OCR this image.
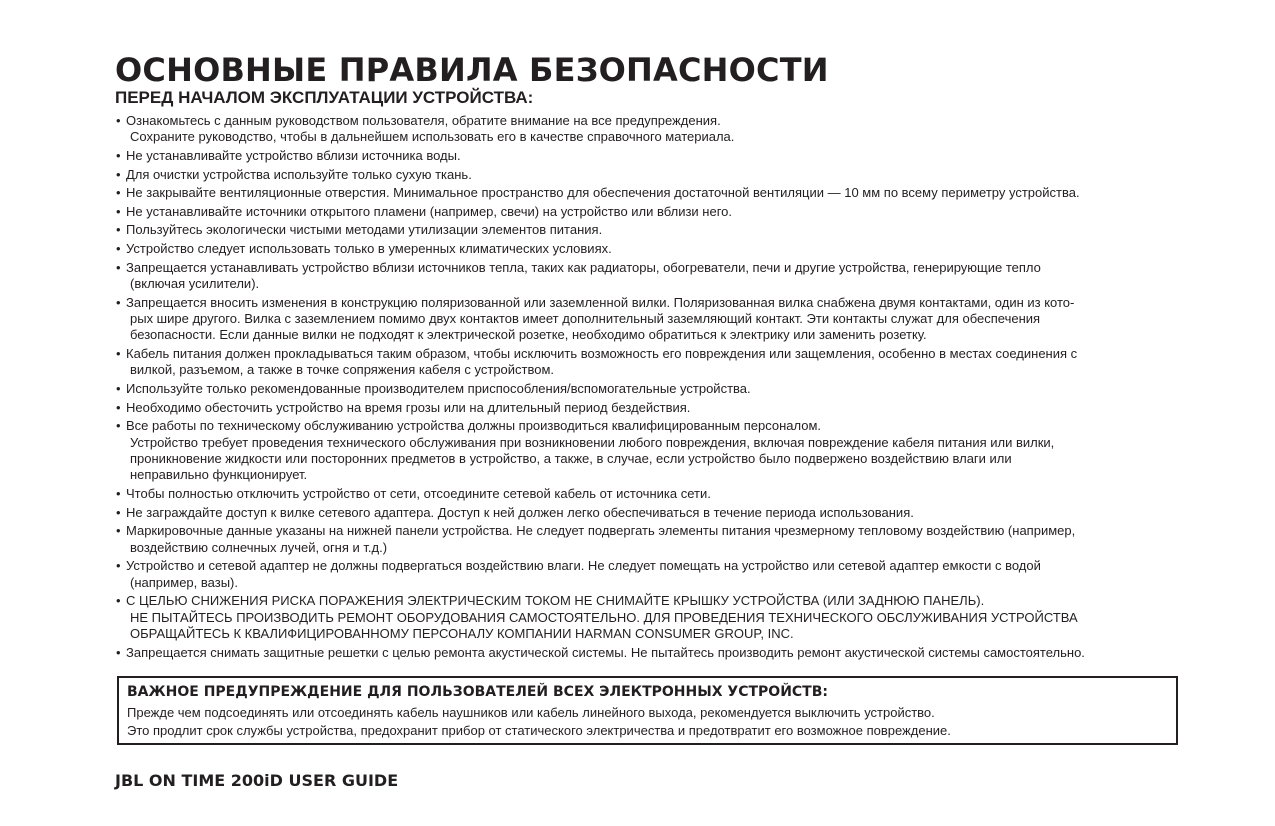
ОСНОВНЫЕ ПРАВИЛА БЕЗОПАСНОСТИ
ПЕРЕД НАЧАЛОМ ЭКСПЛУАТАЦИИ УСТРОЙСТВА:
• Ознакомьтесь с данным руководством пользователя, обратите внимание на все предупреждения.
Сохраните руководство, чтобы в дальнейшем использовать его в качестве справочного материала.
• Не устанавливайте устройство вблизи источника воды.
• Для очистки устройства используйте только сухую ткань.
• Не закрывайте вентиляционные отверстия. Минимальное пространство для обеспечения достаточной вентиляции — 10 мм по всему периметру устройства.
• Не устанавливайте источники открытого пламени (например, свечи) на устройство или вблизи него.
• Пользуйтесь экологически чистыми методами утилизации элементов питания.
• Устройство следует использовать только в умеренных климатических условиях.
• Запрещается устанавливать устройство вблизи источников тепла, таких как радиаторы, обогреватели, печи и другие устройства, генерирующие тепло
(включая усилители).
• Запрещается вносить изменения в конструкцию поляризованной или заземленной вилки. Поляризованная вилка снабжена двумя контактами, один из кото-
рых шире другого. Вилка с заземлением помимо двух контактов имеет дополнительный заземляющий контакт. Эти контакты служат для обеспечения
безопасности. Если данные вилки не подходят к электрической розетке, необходимо обратиться к электрику или заменить розетку.
• Кабель питания должен прокладываться таким образом, чтобы исключить возможность его повреждения или защемления, особенно в местах соединения с
вилкой, разъемом, а также в точке сопряжения кабеля с устройством.
• Используйте только рекомендованные производителем приспособления/вспомогательные устройства.
• Необходимо обесточить устройство на время грозы или на длительный период бездействия.
• Все работы по техническому обслуживанию устройства должны производиться квалифицированным персоналом.
Устройство требует проведения технического обслуживания при возникновении любого повреждения, включая повреждение кабеля питания или вилки,
проникновение жидкости или посторонних предметов в устройство, а также, в случае, если устройство было подвержено воздействию влаги или
неправильно функционирует.
• Чтобы полностью отключить устройство от сети, отсоедините сетевой кабель от источника сети.
• Не заграждайте доступ к вилке сетевого адаптера. Доступ к ней должен легко обеспечиваться в течение периода использования.
• Маркировочные данные указаны на нижней панели устройства. Не следует подвергать элементы питания чрезмерному тепловому воздействию (например,
воздействию солнечных лучей, огня и т.д.)
• Устройство и сетевой адаптер не должны подвергаться воздействию влаги. Не следует помещать на устройство или сетевой адаптер емкости с водой
(например, вазы).
• С ЦЕЛЬЮ СНИЖЕНИЯ РИСКА ПОРАЖЕНИЯ ЭЛЕКТРИЧЕСКИМ ТОКОМ НЕ СНИМАЙТЕ КРЫШКУ УСТРОЙСТВА (ИЛИ ЗАДНЮЮ ПАНЕЛЬ).
НЕ ПЫТАЙТЕСЬ ПРОИЗВОДИТЬ РЕМОНТ ОБОРУДОВАНИЯ САМОСТОЯТЕЛЬНО. ДЛЯ ПРОВЕДЕНИЯ ТЕХНИЧЕСКОГО ОБСЛУЖИВАНИЯ УСТРОЙСТВА
ОБРАЩАЙТЕСЬ К КВАЛИФИЦИРОВАННОМУ ПЕРСОНАЛУ КОМПАНИИ HARMAN CONSUMER GROUP, INC.
• Запрещается снимать защитные решетки с целью ремонта акустической системы. Не пытайтесь производить ремонт акустической системы самостоятельно.
ВАЖНОЕ ПРЕДУПРЕЖДЕНИЕ ДЛЯ ПОЛЬЗОВАТЕЛЕЙ ВСЕХ ЭЛЕКТРОННЫХ УСТРОЙСТВ:
Прежде чем подсоединять или отсоединять кабель наушников или кабель линейного выхода, рекомендуется выключить устройство.
Это продлит срок службы устройства, предохранит прибор от статического электричества и предотвратит его возможное повреждение.
JBL ON TIME 200iD USER GUIDE
